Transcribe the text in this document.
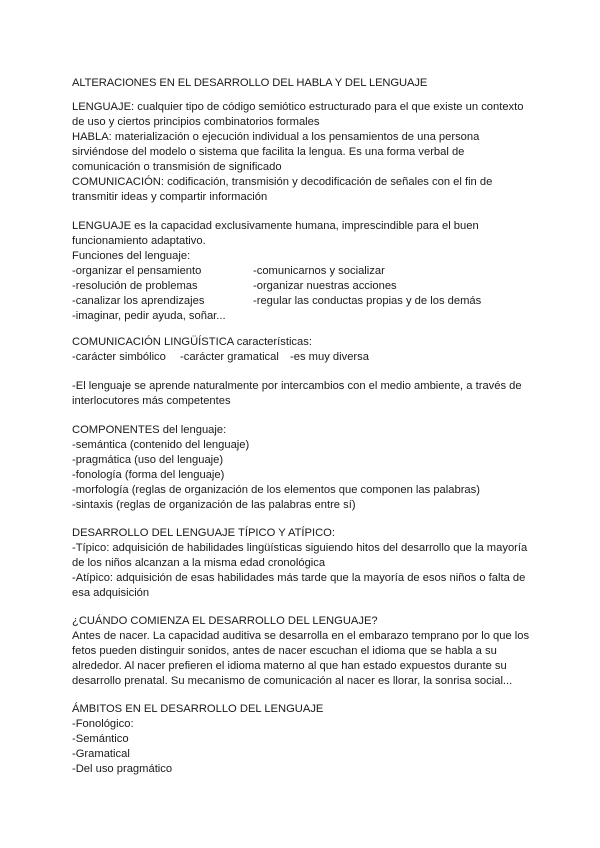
ALTERACIONES EN EL DESARROLLO DEL HABLA Y DEL LENGUAJE
LENGUAJE: cualquier tipo de código semiótico estructurado para el que existe un contexto
de uso y ciertos principios combinatorios formales
HABLA: materialización o ejecución individual a los pensamientos de una persona
sirviéndose del modelo o sistema que facilita la lengua. Es una forma verbal de
comunicación o transmisión de significado
COMUNICACIÓN: codificación, transmisión y decodificación de señales con el fin de
transmitir ideas y compartir información
LENGUAJE es la capacidad exclusivamente humana, imprescindible para el buen
funcionamiento adaptativo.
Funciones del lenguaje:
-organizar el pensamiento	-comunicarnos y socializar
-resolución de problemas	-organizar nuestras acciones
-canalizar los aprendizajes	-regular las conductas propias y de los demás
-imaginar, pedir ayuda, soñar...
COMUNICACIÓN LINGÜÍSTICA características:
-carácter simbólico	-carácter gramatical -es muy diversa
-El lenguaje se aprende naturalmente por intercambios con el medio ambiente, a través de
interlocutores más competentes
COMPONENTES del lenguaje:
-semántica (contenido del lenguaje)
-pragmática (uso del lenguaje)
-fonología (forma del lenguaje)
-morfología (reglas de organización de los elementos que componen las palabras)
-sintaxis (reglas de organización de las palabras entre sí)
DESARROLLO DEL LENGUAJE TÍPICO Y ATÍPICO:
-Típico: adquisición de habilidades lingüísticas siguiendo hitos del desarrollo que la mayoría
de los niños alcanzan a la misma edad cronológica
-Atípico: adquisición de esas habilidades más tarde que la mayoría de esos niños o falta de
esa adquisición
¿CUÁNDO COMIENZA EL DESARROLLO DEL LENGUAJE?
Antes de nacer. La capacidad auditiva se desarrolla en el embarazo temprano por lo que los
fetos pueden distinguir sonidos, antes de nacer escuchan el idioma que se habla a su
alrededor. Al nacer prefieren el idioma materno al que han estado expuestos durante su
desarrollo prenatal. Su mecanismo de comunicación al nacer es llorar, la sonrisa social...
ÁMBITOS EN EL DESARROLLO DEL LENGUAJE
-Fonológico:
-Semántico
-Gramatical
-Del uso pragmático
